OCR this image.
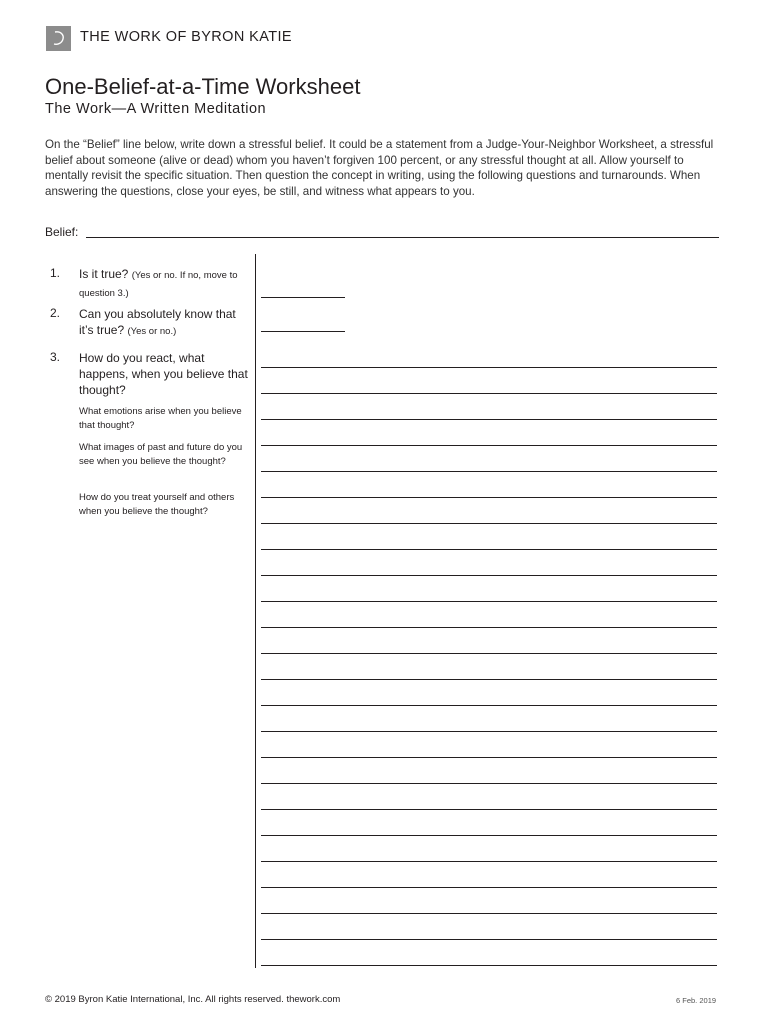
THE WORK OF BYRON KATIE
One-Belief-at-a-Time Worksheet
The Work—A Written Meditation
On the “Belief” line below, write down a stressful belief. It could be a statement from a Judge-Your-Neighbor Worksheet, a stressful belief about someone (alive or dead) whom you haven’t forgiven 100 percent, or any stressful thought at all. Allow yourself to mentally revisit the specific situation. Then question the concept in writing, using the following questions and turnarounds. When answering the questions, close your eyes, be still, and witness what appears to you.
Belief:
1. Is it true? (Yes or no. If no, move to question 3.)
2. Can you absolutely know that it’s true? (Yes or no.)
3. How do you react, what happens, when you believe that thought?
What emotions arise when you believe that thought?
What images of past and future do you see when you believe the thought?
How do you treat yourself and others when you believe the thought?
© 2019 Byron Katie International, Inc. All rights reserved. thework.com	6 Feb. 2019
